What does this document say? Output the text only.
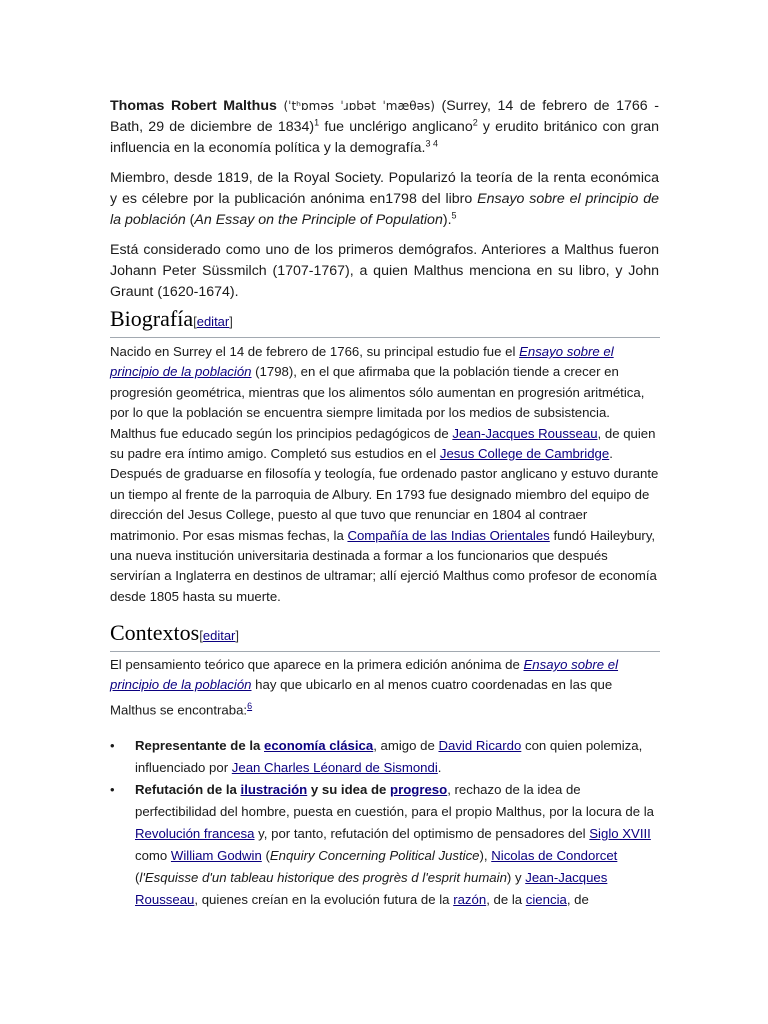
Thomas Robert Malthus (ˈtʰɒməs ˈɹɒbət ˈmæθəs) (Surrey, 14 de febrero de 1766 - Bath, 29 de diciembre de 1834)$^1$ fue unclérigo anglicano$^2$ y erudito británico con gran influencia en la economía política y la demografía.$^{3 4}$

Miembro, desde 1819, de la Royal Society. Popularizó la teoría de la renta económica y es célebre por la publicación anónima en1798 del libro Ensayo sobre el principio de la población (An Essay on the Principle of Population).$^5$

Está considerado como uno de los primeros demógrafos. Anteriores a Malthus fueron Johann Peter Süssmilch (1707-1767), a quien Malthus menciona en su libro, y John Graunt (1620-1674).

Biografía[editar]

Nacido en Surrey el 14 de febrero de 1766, su principal estudio fue el Ensayo sobre el principio de la población (1798), en el que afirmaba que la población tiende a crecer en progresión geométrica, mientras que los alimentos sólo aumentan en progresión aritmética, por lo que la población se encuentra siempre limitada por los medios de subsistencia. Malthus fue educado según los principios pedagógicos de Jean-Jacques Rousseau, de quien su padre era íntimo amigo. Completó sus estudios en el Jesus College de Cambridge. Después de graduarse en filosofía y teología, fue ordenado pastor anglicano y estuvo durante un tiempo al frente de la parroquia de Albury. En 1793 fue designado miembro del equipo de dirección del Jesus College, puesto al que tuvo que renunciar en 1804 al contraer matrimonio. Por esas mismas fechas, la Compañía de las Indias Orientales fundó Haileybury, una nueva institución universitaria destinada a formar a los funcionarios que después servirían a Inglaterra en destinos de ultramar; allí ejerció Malthus como profesor de economía desde 1805 hasta su muerte.

Contextos[editar]

El pensamiento teórico que aparece en la primera edición anónima de Ensayo sobre el principio de la población hay que ubicarlo en al menos cuatro coordenadas en las que Malthus se encontraba:$^6$

• Representante de la economía clásica, amigo de David Ricardo con quien polemiza, influenciado por Jean Charles Léonard de Sismondi.
• Refutación de la ilustración y su idea de progreso, rechazo de la idea de perfectibilidad del hombre, puesta en cuestión, para el propio Malthus, por la locura de la Revolución francesa y, por tanto, refutación del optimismo de pensadores del Siglo XVIII como William Godwin (Enquiry Concerning Political Justice), Nicolas de Condorcet (l'Esquisse d'un tableau historique des progrès d l'esprit humain) y Jean-Jacques Rousseau, quienes creían en la evolución futura de la razón, de la ciencia, de
